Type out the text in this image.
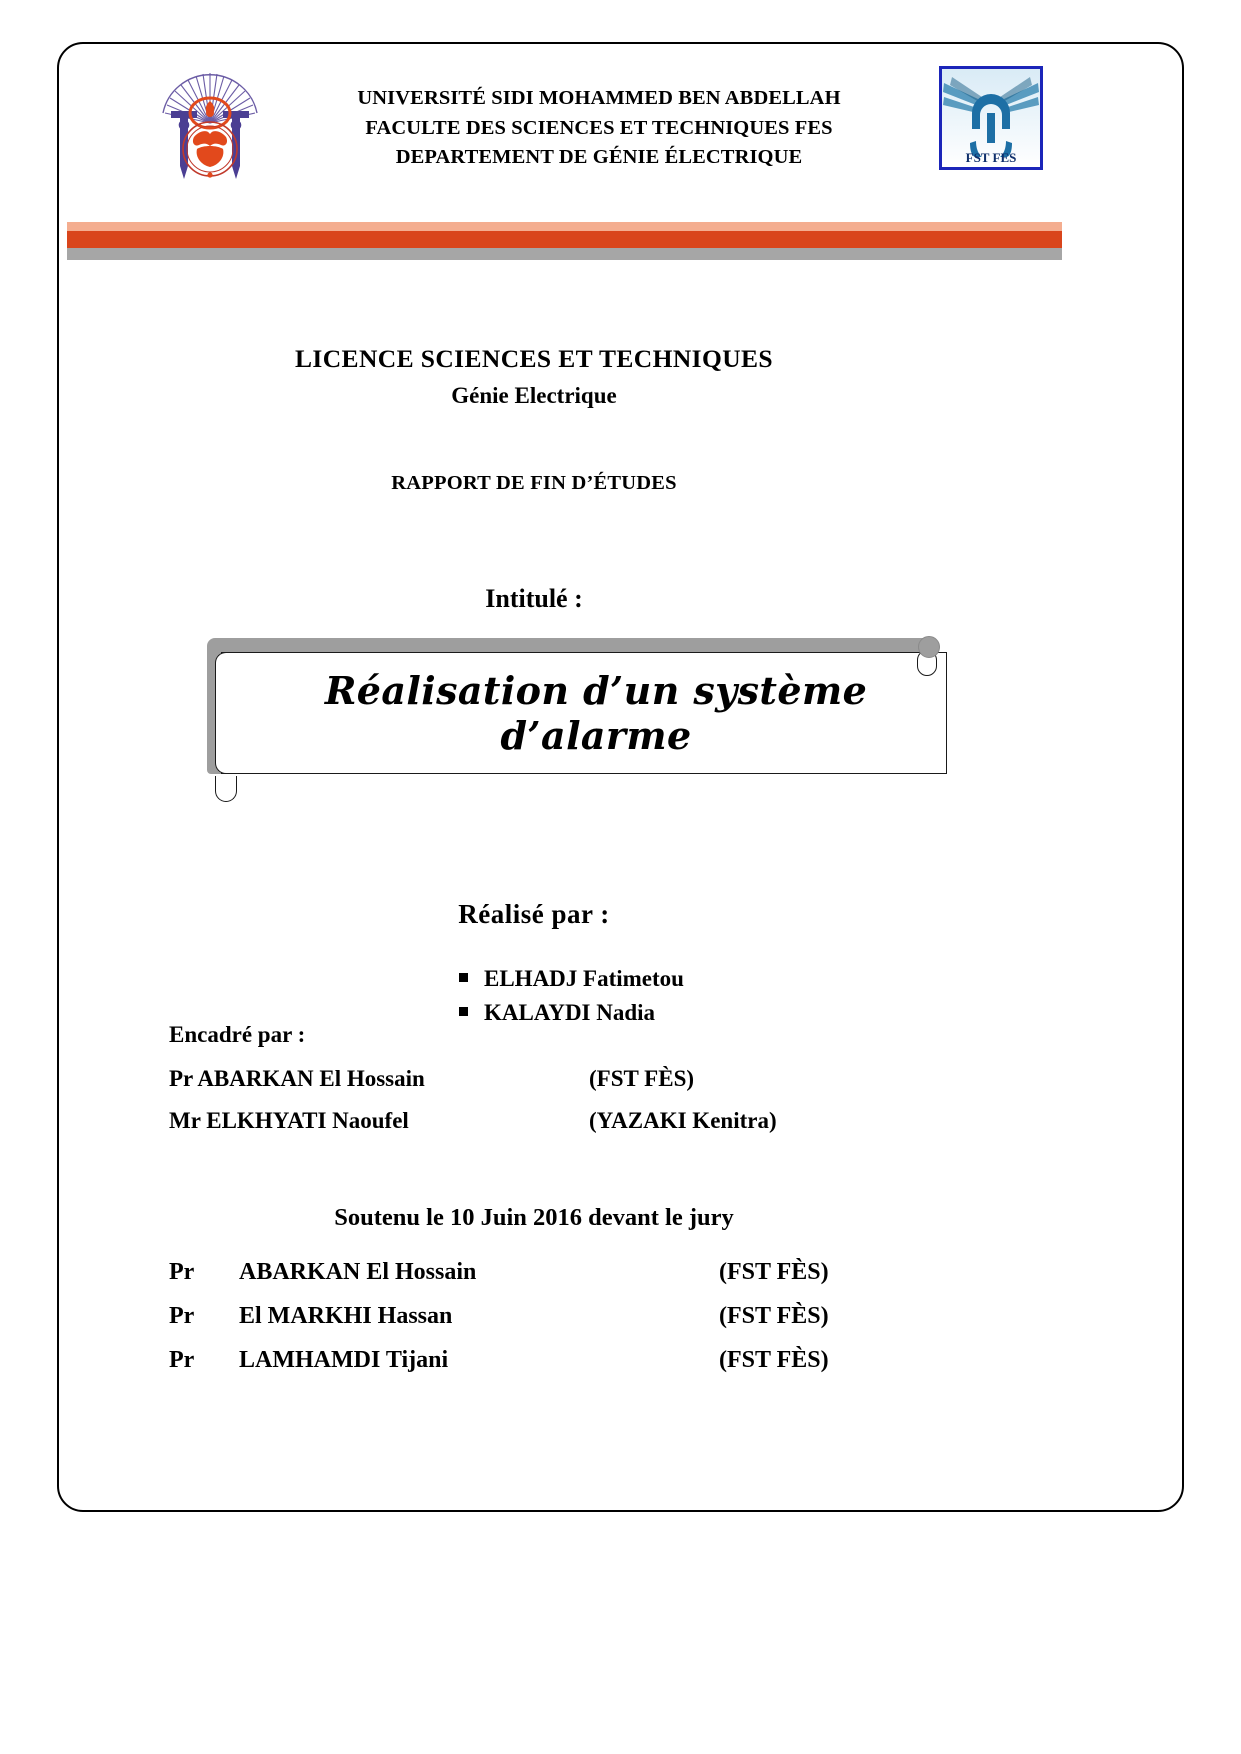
UNIVERSITÉ SIDI MOHAMMED BEN ABDELLAH
FACULTE DES SCIENCES ET TECHNIQUES FES
DEPARTEMENT DE GÉNIE ÉLECTRIQUE	FST FES
LICENCE SCIENCES ET TECHNIQUES
Génie Electrique
RAPPORT DE FIN D’ÉTUDES
Intitulé :
Réalisation d’un système d’alarme
Réalisé par :
ELHADJ Fatimetou
KALAYDI Nadia
Encadré par :
Pr ABARKAN El Hossain	(FST FÈS)
Mr ELKHYATI Naoufel	(YAZAKI Kenitra)
Soutenu le 10 Juin 2016 devant le jury
Pr	ABARKAN El Hossain	(FST FÈS)
Pr	El MARKHI Hassan	(FST FÈS)
Pr	LAMHAMDI Tijani	(FST FÈS)
